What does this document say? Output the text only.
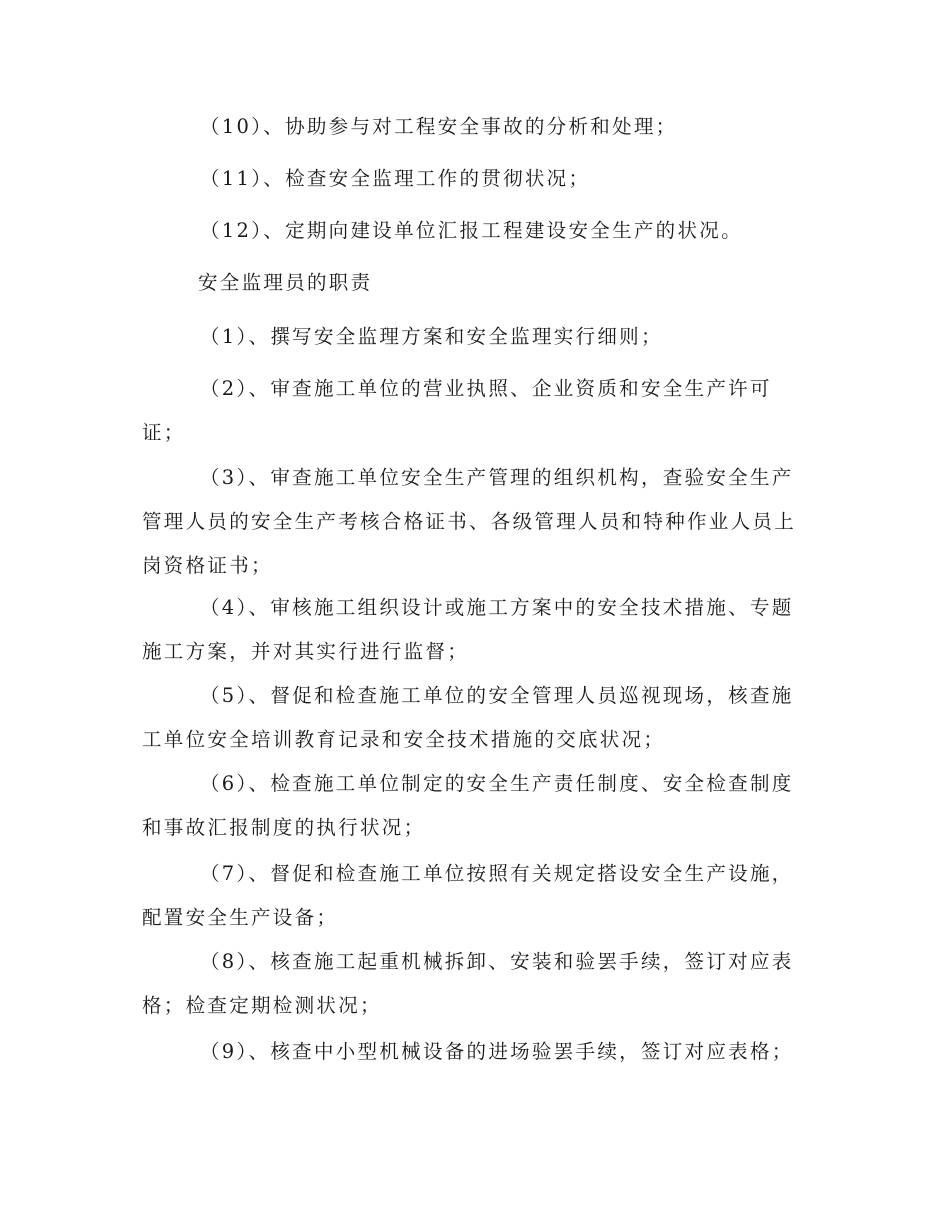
（10）、协助参与对工程安全事故的分析和处理；

（11）、检查安全监理工作的贯彻状况；

（12）、定期向建设单位汇报工程建设安全生产的状况。

安全监理员的职责

（1）、撰写安全监理方案和安全监理实行细则；

（2）、审查施工单位的营业执照、企业资质和安全生产许可证；

（3）、审查施工单位安全生产管理的组织机构，查验安全生产管理人员的安全生产考核合格证书、各级管理人员和特种作业人员上岗资格证书；

（4）、审核施工组织设计或施工方案中的安全技术措施、专题施工方案，并对其实行进行监督；

（5）、督促和检查施工单位的安全管理人员巡视现场，核查施工单位安全培训教育记录和安全技术措施的交底状况；

（6）、检查施工单位制定的安全生产责任制度、安全检查制度和事故汇报制度的执行状况；

（7）、督促和检查施工单位按照有关规定搭设安全生产设施，配置安全生产设备；

（8）、核查施工起重机械拆卸、安装和验罢手续，签订对应表格；检查定期检测状况；

（9）、核查中小型机械设备的进场验罢手续，签订对应表格；
